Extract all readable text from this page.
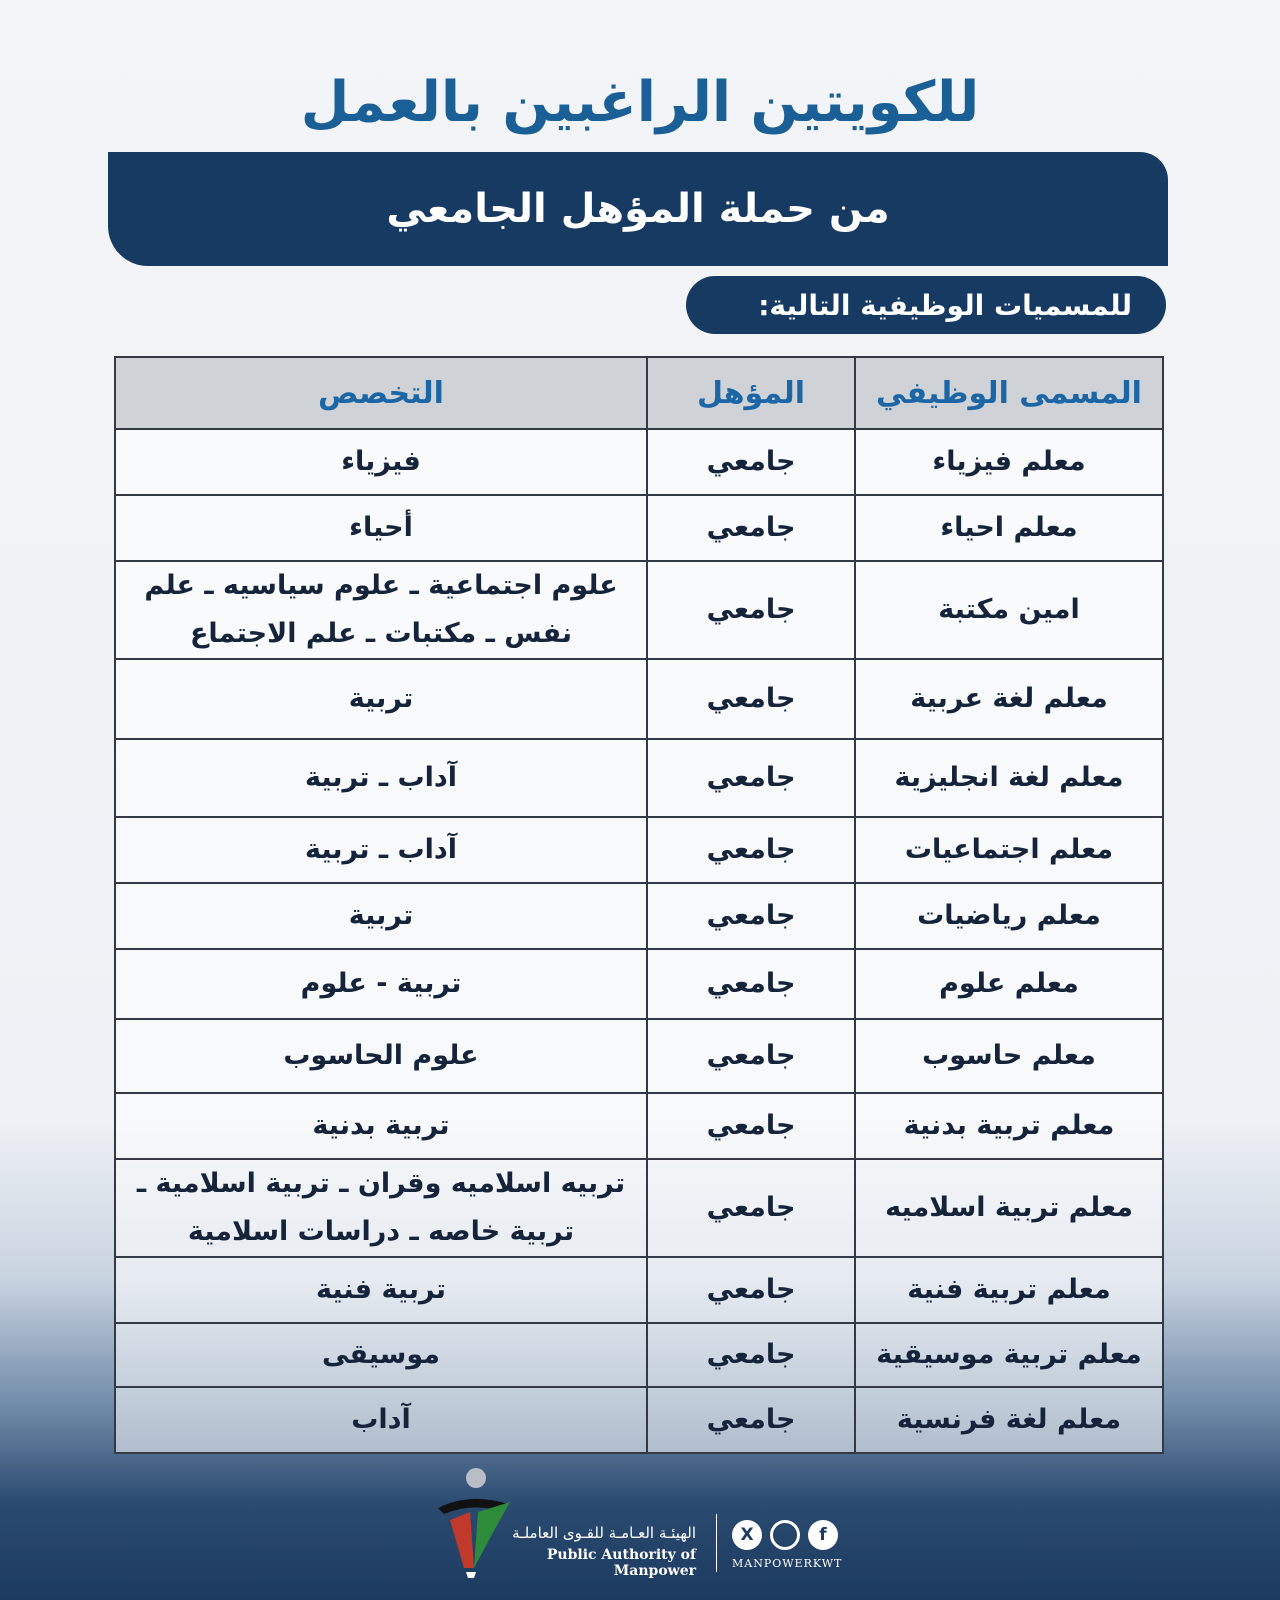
للكويتين الراغبين بالعمل
من حملة المؤهل الجامعي
للمسميات الوظيفية التالية:
المسمى الوظيفي	المؤهل	التخصص
معلم فيزياء	جامعي	فيزياء
معلم احياء	جامعي	أحياء
امين مكتبة	جامعي	علوم اجتماعية ـ علوم سياسيه ـ علم نفس ـ مكتبات ـ علم الاجتماع
معلم لغة عربية	جامعي	تربية
معلم لغة انجليزية	جامعي	آداب ـ تربية
معلم اجتماعيات	جامعي	آداب ـ تربية
معلم رياضيات	جامعي	تربية
معلم علوم	جامعي	تربية - علوم
معلم حاسوب	جامعي	علوم الحاسوب
معلم تربية بدنية	جامعي	تربية بدنية
معلم تربية اسلاميه	جامعي	تربيه اسلاميه وقران ـ تربية اسلامية ـ تربية خاصه ـ دراسات اسلامية
معلم تربية فنية	جامعي	تربية فنية
معلم تربية موسيقية	جامعي	موسيقى
معلم لغة فرنسية	جامعي	آداب
الهيئـة العـامـة للقـوى العاملـة
Public Authority of Manpower
X	f
MANPOWERKWT
